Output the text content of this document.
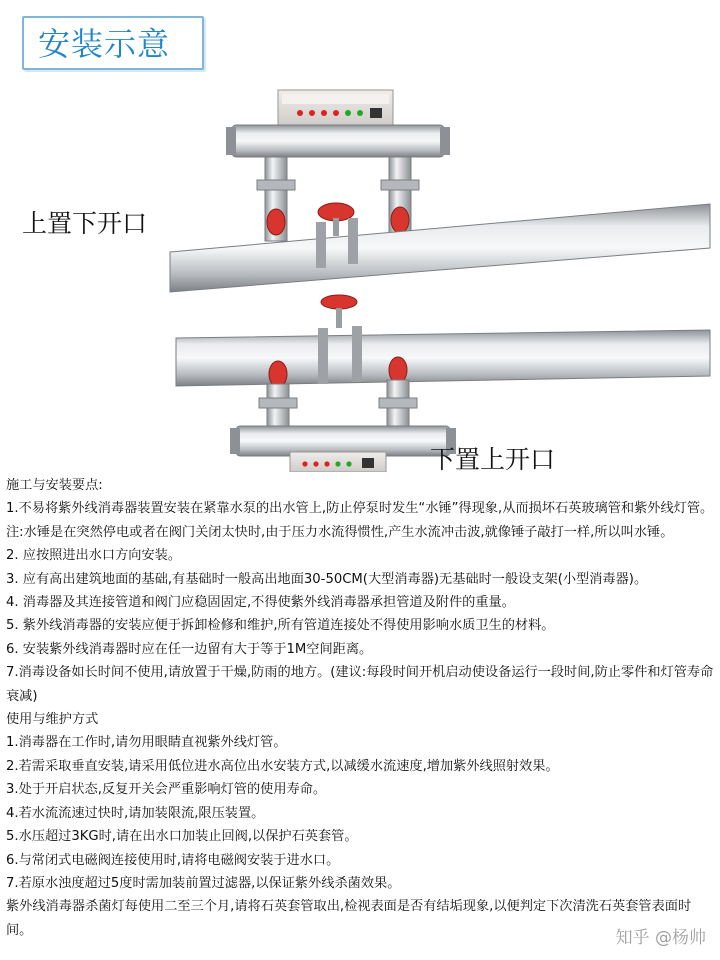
安装示意
上置下开口
下置上开口

施工与安装要点:

1.不易将紫外线消毒器装置安装在紧靠水泵的出水管上,防止停泵时发生“水锤”得现象,从而损坏石英玻璃管和紫外线灯管。

注:水锤是在突然停电或者在阀门关闭太快时,由于压力水流得惯性,产生水流冲击波,就像锤子敲打一样,所以叫水锤。

2. 应按照进出水口方向安装。

3. 应有高出建筑地面的基础,有基础时一般高出地面30-50CM(大型消毒器)无基础时一般设支架(小型消毒器)。

4. 消毒器及其连接管道和阀门应稳固固定,不得使紫外线消毒器承担管道及附件的重量。

5. 紫外线消毒器的安装应便于拆卸检修和维护,所有管道连接处不得使用影响水质卫生的材料。

6. 安装紫外线消毒器时应在任一边留有大于等于1M空间距离。

7.消毒设备如长时间不使用,请放置于干燥,防雨的地方。(建议:每段时间开机启动使设备运行一段时间,防止零件和灯管寿命衰减)

使用与维护方式

1.消毒器在工作时,请勿用眼睛直视紫外线灯管。

2.若需采取垂直安装,请采用低位进水高位出水安装方式,以减缓水流速度,增加紫外线照射效果。

3.处于开启状态,反复开关会严重影响灯管的使用寿命。

4.若水流流速过快时,请加装限流,限压装置。

5.水压超过3KG时,请在出水口加装止回阀,以保护石英套管。

6.与常闭式电磁阀连接使用时,请将电磁阀安装于进水口。

7.若原水浊度超过5度时需加装前置过滤器,以保证紫外线杀菌效果。

紫外线消毒器杀菌灯每使用二至三个月,请将石英套管取出,检视表面是否有结垢现象,以便判定下次清洗石英套管表面时间。	知乎 @杨帅
